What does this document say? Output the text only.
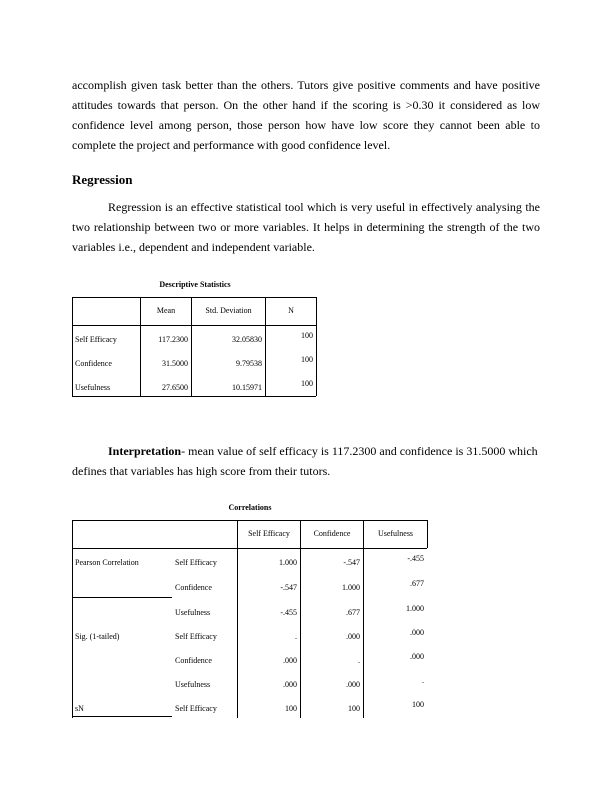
accomplish given task better than the others. Tutors give positive comments and have positive
attitudes towards that person. On the other hand if the scoring is >0.30 it considered as low
confidence level among person, those person how have low score they cannot been able to
complete the project and performance with good confidence level.
Regression
Regression is an effective statistical tool which is very useful in effectively analysing the
two relationship between two or more variables. It helps in determining the strength of the two
variables i.e., dependent and independent variable.

Descriptive Statistics

Mean	Std. Deviation	N
Self Efficacy	117.2300	32.05830	100
Confidence	31.5000	9.79538	100
Usefulness	27.6500	10.15971	100
Interpretation- mean value of self efficacy is 117.2300 and confidence is 31.5000 which
defines that variables has high score from their tutors.

Correlations

Self Efficacy	Confidence	Usefulness
Pearson Correlation	Self Efficacy	1.000	-.547	-.455
Confidence	-.547	1.000	.677
Usefulness	-.455	.677	1.000
Sig. (1-tailed)	Self Efficacy	.	.000	.000
Confidence	.000	.	.000
Usefulness	.000	.000	.
sN	Self Efficacy	100	100	100
